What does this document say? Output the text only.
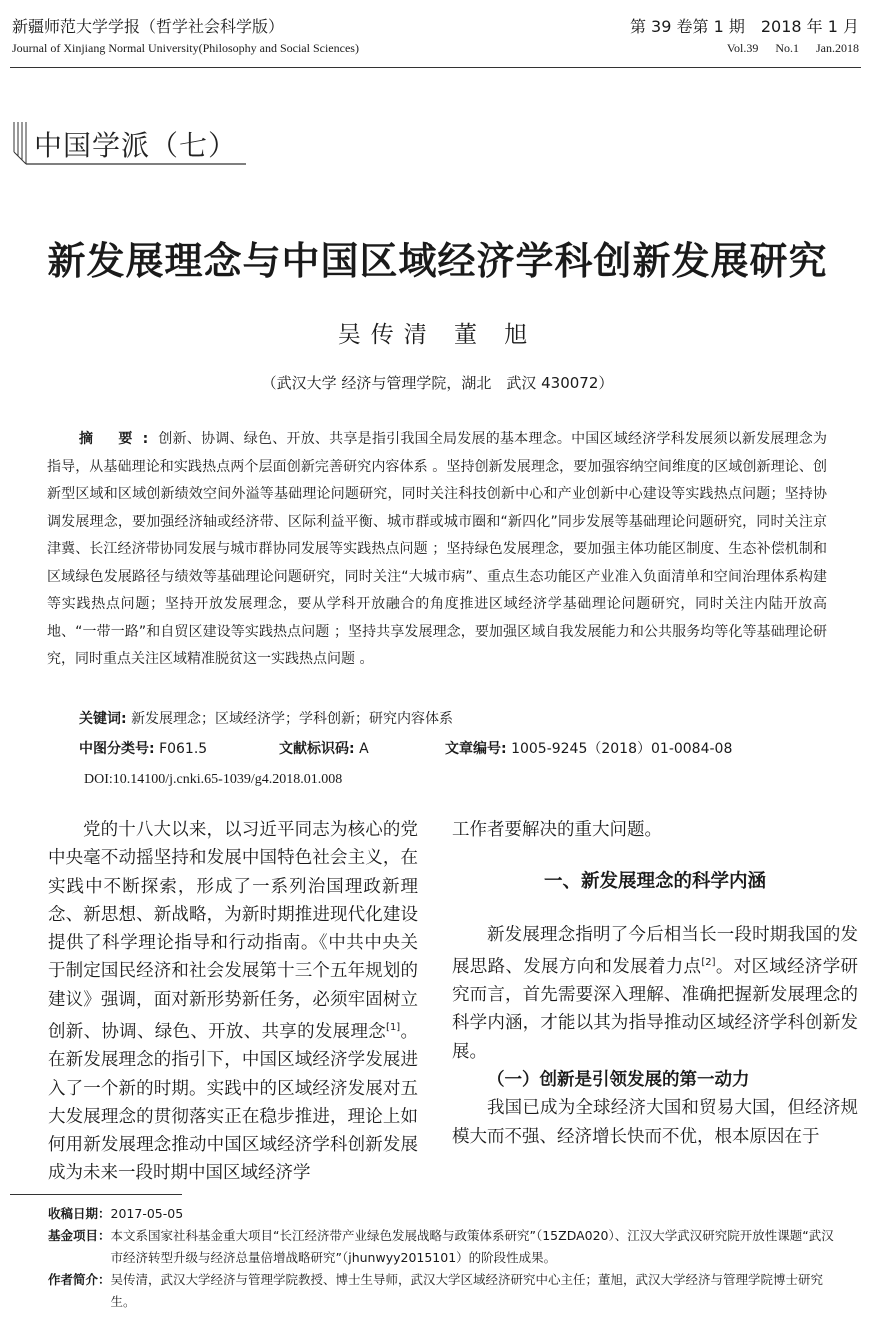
新疆师范大学学报（哲学社会科学版）
Journal of Xinjiang Normal University(Philosophy and Social Sciences)
第 39 卷第 1 期　2018 年 1 月
Vol.39 No.1 Jan.2018
中国学派（七）
新发展理念与中国区域经济学科创新发展研究
吴传清 董 旭
（武汉大学 经济与管理学院，湖北　武汉 430072）
摘 要:创新、协调、绿色、开放、共享是指引我国全局发展的基本理念。中国区域经济学科发展须以新发展理念为指导，从基础理论和实践热点两个层面创新完善研究内容体系 。坚持创新发展理念，要加强容纳空间维度的区域创新理论、创新型区域和区域创新绩效空间外溢等基础理论问题研究，同时关注科技创新中心和产业创新中心建设等实践热点问题；坚持协调发展理念，要加强经济轴或经济带、区际利益平衡、城市群或城市圈和“新四化”同步发展等基础理论问题研究，同时关注京津冀、长江经济带协同发展与城市群协同发展等实践热点问题 ；坚持绿色发展理念，要加强主体功能区制度、生态补偿机制和区域绿色发展路径与绩效等基础理论问题研究，同时关注“大城市病”、重点生态功能区产业准入负面清单和空间治理体系构建等实践热点问题；坚持开放发展理念，要从学科开放融合的角度推进区域经济学基础理论问题研究，同时关注内陆开放高地、“一带一路”和自贸区建设等实践热点问题 ；坚持共享发展理念，要加强区域自我发展能力和公共服务均等化等基础理论研究，同时重点关注区域精准脱贫这一实践热点问题 。
关键词: 新发展理念；区域经济学；学科创新；研究内容体系
中图分类号: F061.5	文献标识码: A	文章编号: 1005-9245（2018）01-0084-08
DOI:10.14100/j.cnki.65-1039/g4.2018.01.008

党的十八大以来，以习近平同志为核心的党中央毫不动摇坚持和发展中国特色社会主义，在实践中不断探索，形成了一系列治国理政新理念、新思想、新战略，为新时期推进现代化建设提供了科学理论指导和行动指南。《中共中央关于制定国民经济和社会发展第十三个五年规划的建议》强调，面对新形势新任务，必须牢固树立创新、协调、绿色、开放、共享的发展理念[1]。在新发展理念的指引下，中国区域经济学发展进入了一个新的时期。实践中的区域经济发展对五大发展理念的贯彻落实正在稳步推进，理论上如何用新发展理念推动中国区域经济学科创新发展成为未来一段时期中国区域经济学

工作者要解决的重大问题。

一、新发展理念的科学内涵

新发展理念指明了今后相当长一段时期我国的发展思路、发展方向和发展着力点[2]。对区域经济学研究而言，首先需要深入理解、准确把握新发展理念的科学内涵，才能以其为指导推动区域经济学科创新发展。

（一）创新是引领发展的第一动力

我国已成为全球经济大国和贸易大国，但经济规模大而不强、经济增长快而不优，根本原因在于

收稿日期： 2017-05-05
基金项目： 本文系国家社科基金重大项目“长江经济带产业绿色发展战略与政策体系研究”（15ZDA020）、江汉大学武汉研究院开放性课题“武汉市经济转型升级与经济总量倍增战略研究”（jhunwyy2015101）的阶段性成果。
作者简介： 吴传清，武汉大学经济与管理学院教授、博士生导师，武汉大学区域经济研究中心主任；董旭，武汉大学经济与管理学院博士研究生。
